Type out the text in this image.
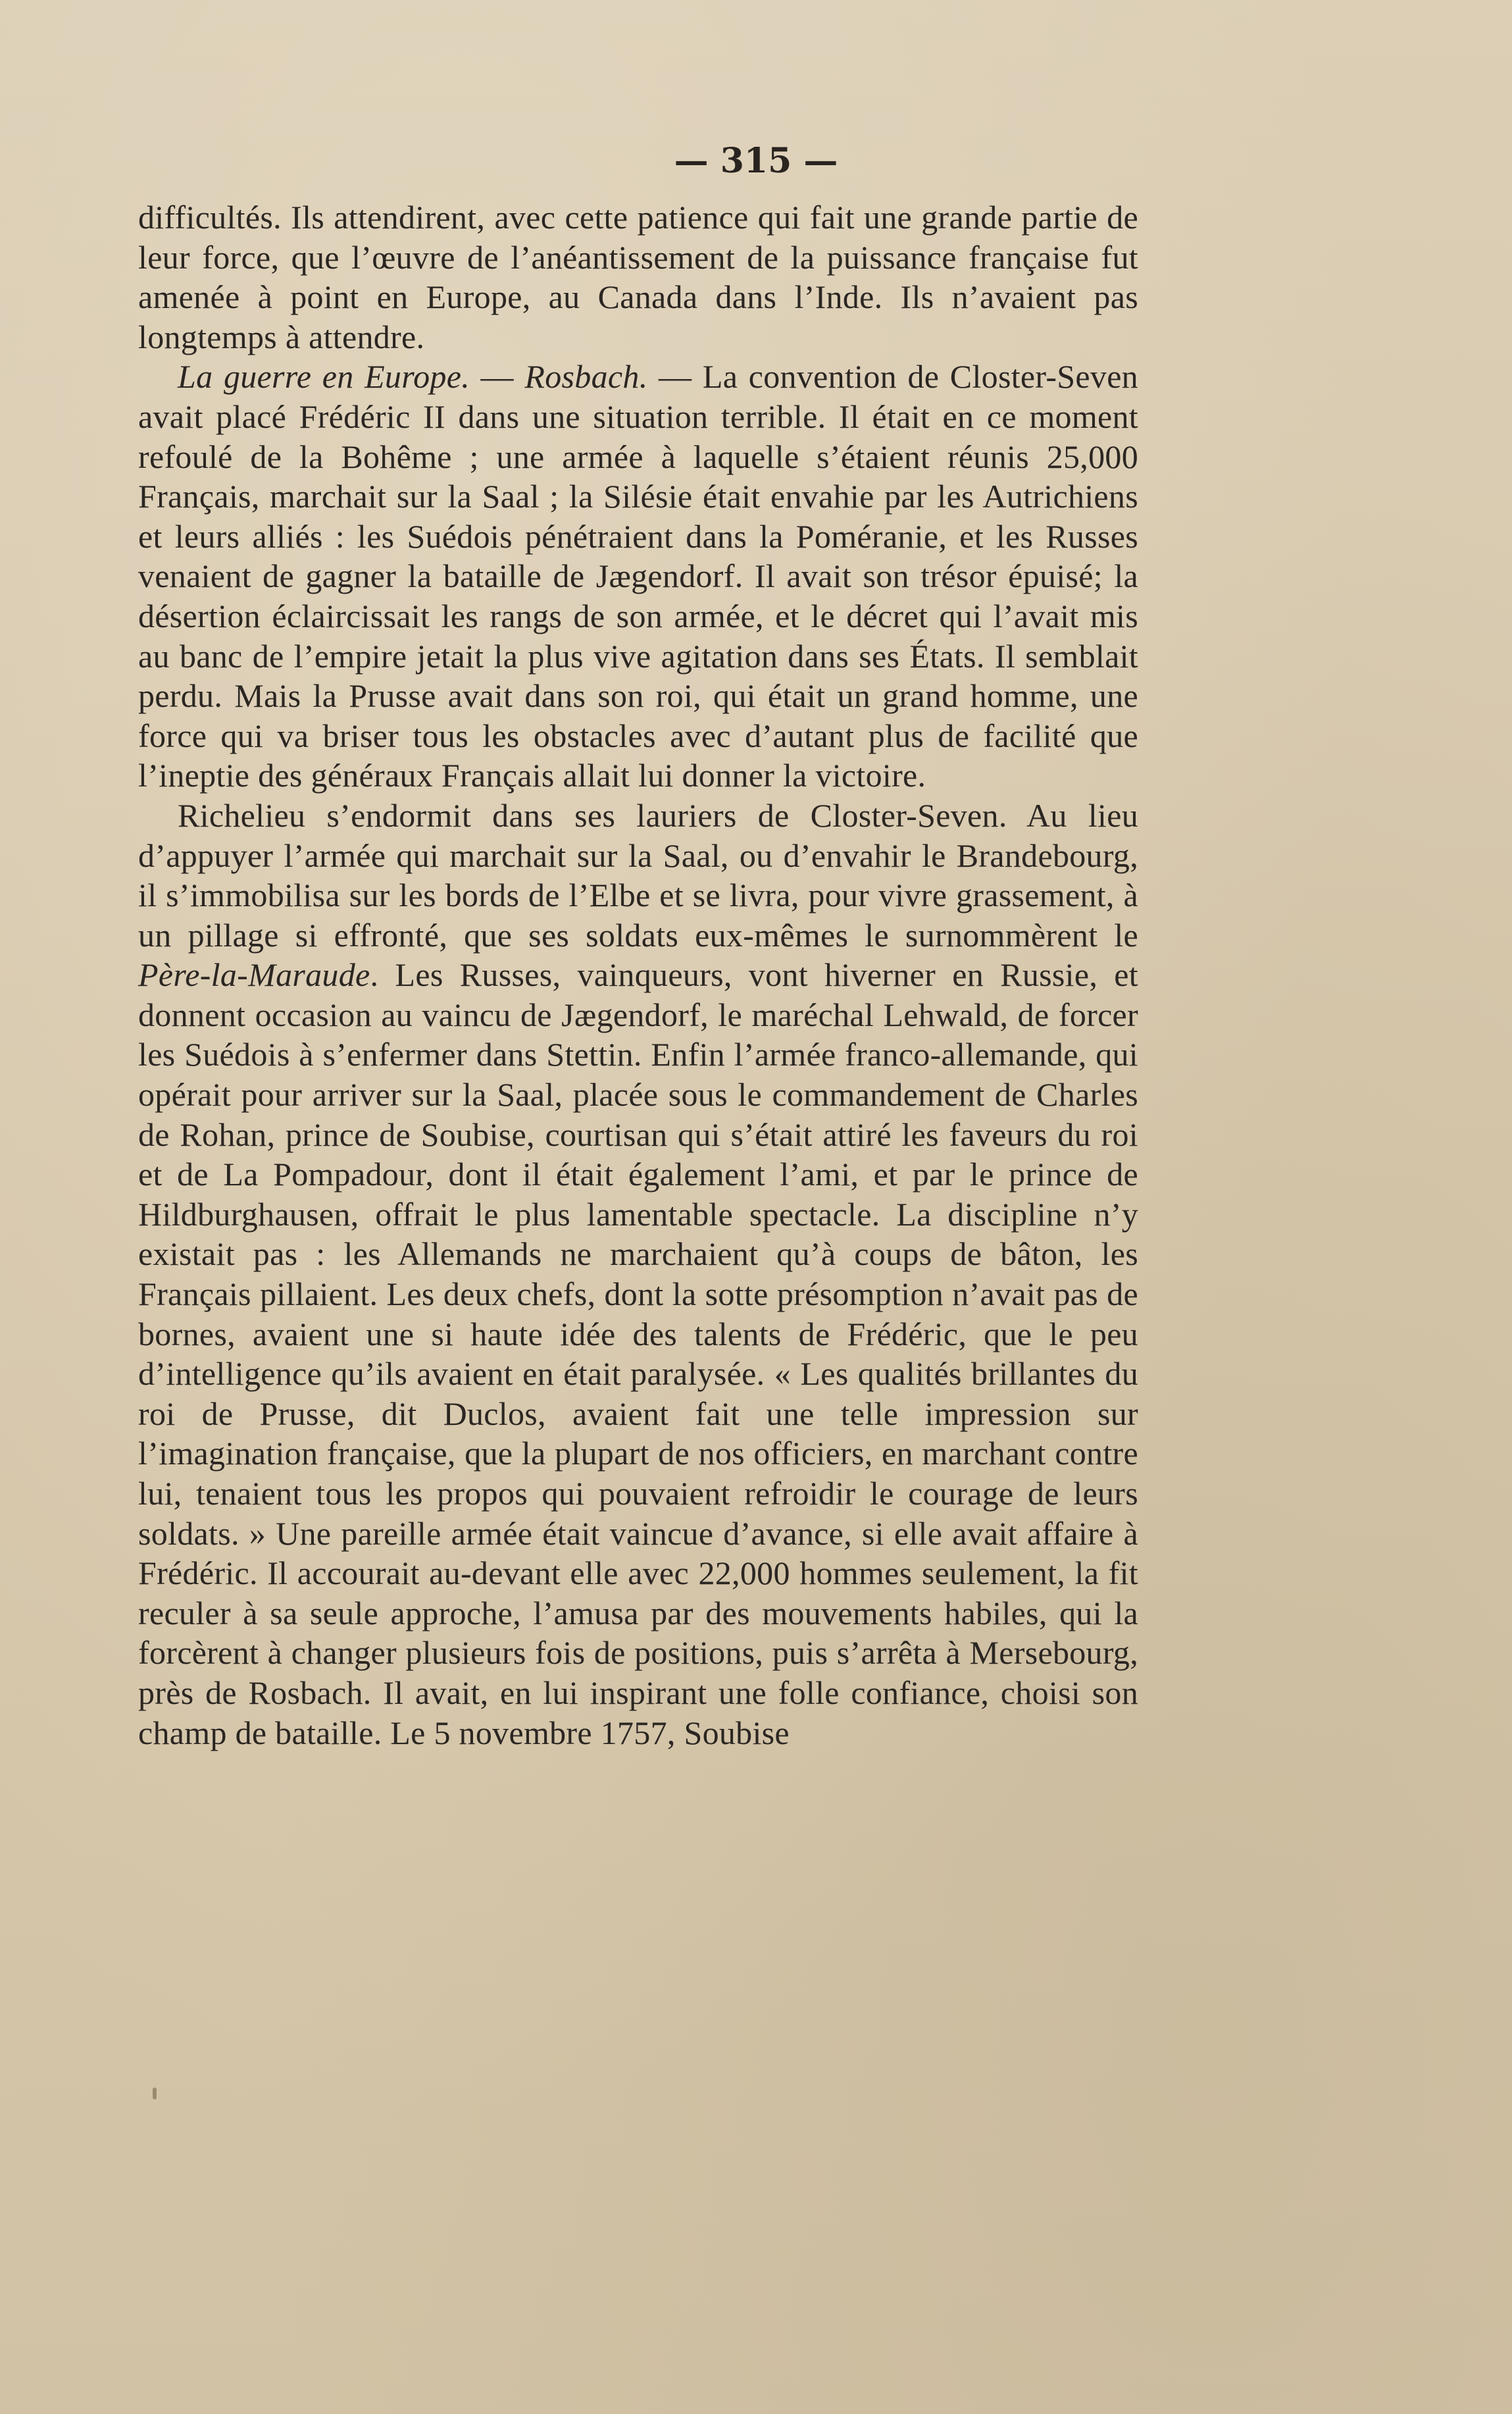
— 315 —

difficultés. Ils attendirent, avec cette patience qui fait une grande partie de leur force, que l’œuvre de l’anéantissement de la puissance française fut amenée à point en Europe, au Canada dans l’Inde. Ils n’avaient pas longtemps à attendre.

La guerre en Europe. — Rosbach. — La convention de Closter-Seven avait placé Frédéric II dans une situation terrible. Il était en ce moment refoulé de la Bohême ; une armée à laquelle s’étaient réunis 25,000 Français, marchait sur la Saal ; la Silésie était envahie par les Autrichiens et leurs alliés : les Suédois pénétraient dans la Poméranie, et les Russes venaient de gagner la bataille de Jægendorf. Il avait son trésor épuisé; la désertion éclaircissait les rangs de son armée, et le décret qui l’avait mis au banc de l’empire jetait la plus vive agitation dans ses États. Il semblait perdu. Mais la Prusse avait dans son roi, qui était un grand homme, une force qui va briser tous les obstacles avec d’autant plus de facilité que l’ineptie des généraux Français allait lui donner la victoire.

Richelieu s’endormit dans ses lauriers de Closter-Seven. Au lieu d’appuyer l’armée qui marchait sur la Saal, ou d’envahir le Brandebourg, il s’immobilisa sur les bords de l’Elbe et se livra, pour vivre grassement, à un pillage si effronté, que ses soldats eux-mêmes le surnommèrent le Père-la-Maraude. Les Russes, vainqueurs, vont hiverner en Russie, et donnent occasion au vaincu de Jægendorf, le maréchal Lehwald, de forcer les Suédois à s’enfermer dans Stettin. Enfin l’armée franco-allemande, qui opérait pour arriver sur la Saal, placée sous le commandement de Charles de Rohan, prince de Soubise, courtisan qui s’était attiré les faveurs du roi et de La Pompadour, dont il était également l’ami, et par le prince de Hildburghausen, offrait le plus lamentable spectacle. La discipline n’y existait pas : les Allemands ne marchaient qu’à coups de bâton, les Français pillaient. Les deux chefs, dont la sotte présomption n’avait pas de bornes, avaient une si haute idée des talents de Frédéric, que le peu d’intelligence qu’ils avaient en était paralysée. « Les qualités brillantes du roi de Prusse, dit Duclos, avaient fait une telle impression sur l’imagination française, que la plupart de nos officiers, en marchant contre lui, tenaient tous les propos qui pouvaient refroidir le courage de leurs soldats. » Une pareille armée était vaincue d’avance, si elle avait affaire à Frédéric. Il accourait au-devant elle avec 22,000 hommes seulement, la fit reculer à sa seule approche, l’amusa par des mouvements habiles, qui la forcèrent à changer plusieurs fois de positions, puis s’arrêta à Mersebourg, près de Rosbach. Il avait, en lui inspirant une folle confiance, choisi son champ de bataille. Le 5 novembre 1757, Soubise
